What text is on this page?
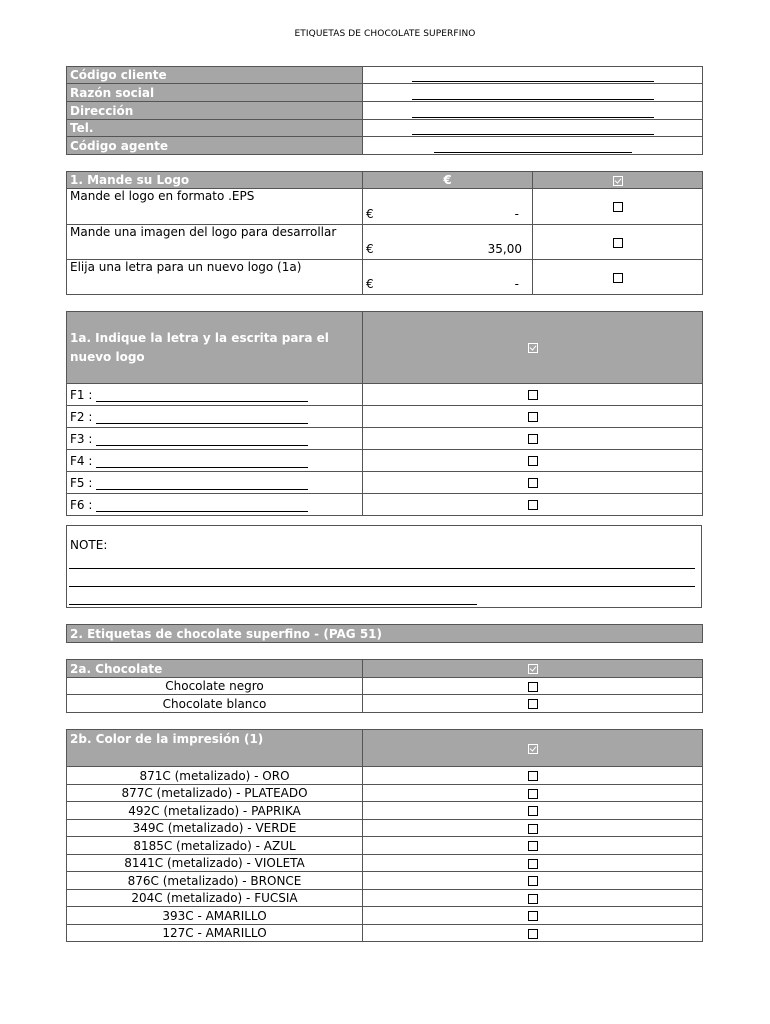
ETIQUETAS DE CHOCOLATE SUPERFINO
Código cliente	
Razón social	
Dirección	
Tel.	
Código agente	
1. Mande su Logo	€	
Mande el logo en formato .EPS	€ -	

Mande una imagen del logo para desarrollar	€ 35,00	

Elija una letra para un nuevo logo (1a)	€ -	

1a. Indique la letra y la escrita para el nuevo logo	
F1 :	
F2 :	
F3 :	
F4 :	
F5 :	
F6 :	
NOTE:
2. Etiquetas de chocolate superfino - (PAG 51)
2a. Chocolate	
Chocolate negro	
Chocolate blanco	
2b. Color de la impresión (1)	
871C (metalizado) - ORO	
877C (metalizado) - PLATEADO	
492C (metalizado) - PAPRIKA	
349C (metalizado) - VERDE	
8185C (metalizado) - AZUL	
8141C (metalizado) - VIOLETA	
876C (metalizado) - BRONCE	
204C (metalizado) - FUCSIA	
393C - AMARILLO	
127C - AMARILLO	
